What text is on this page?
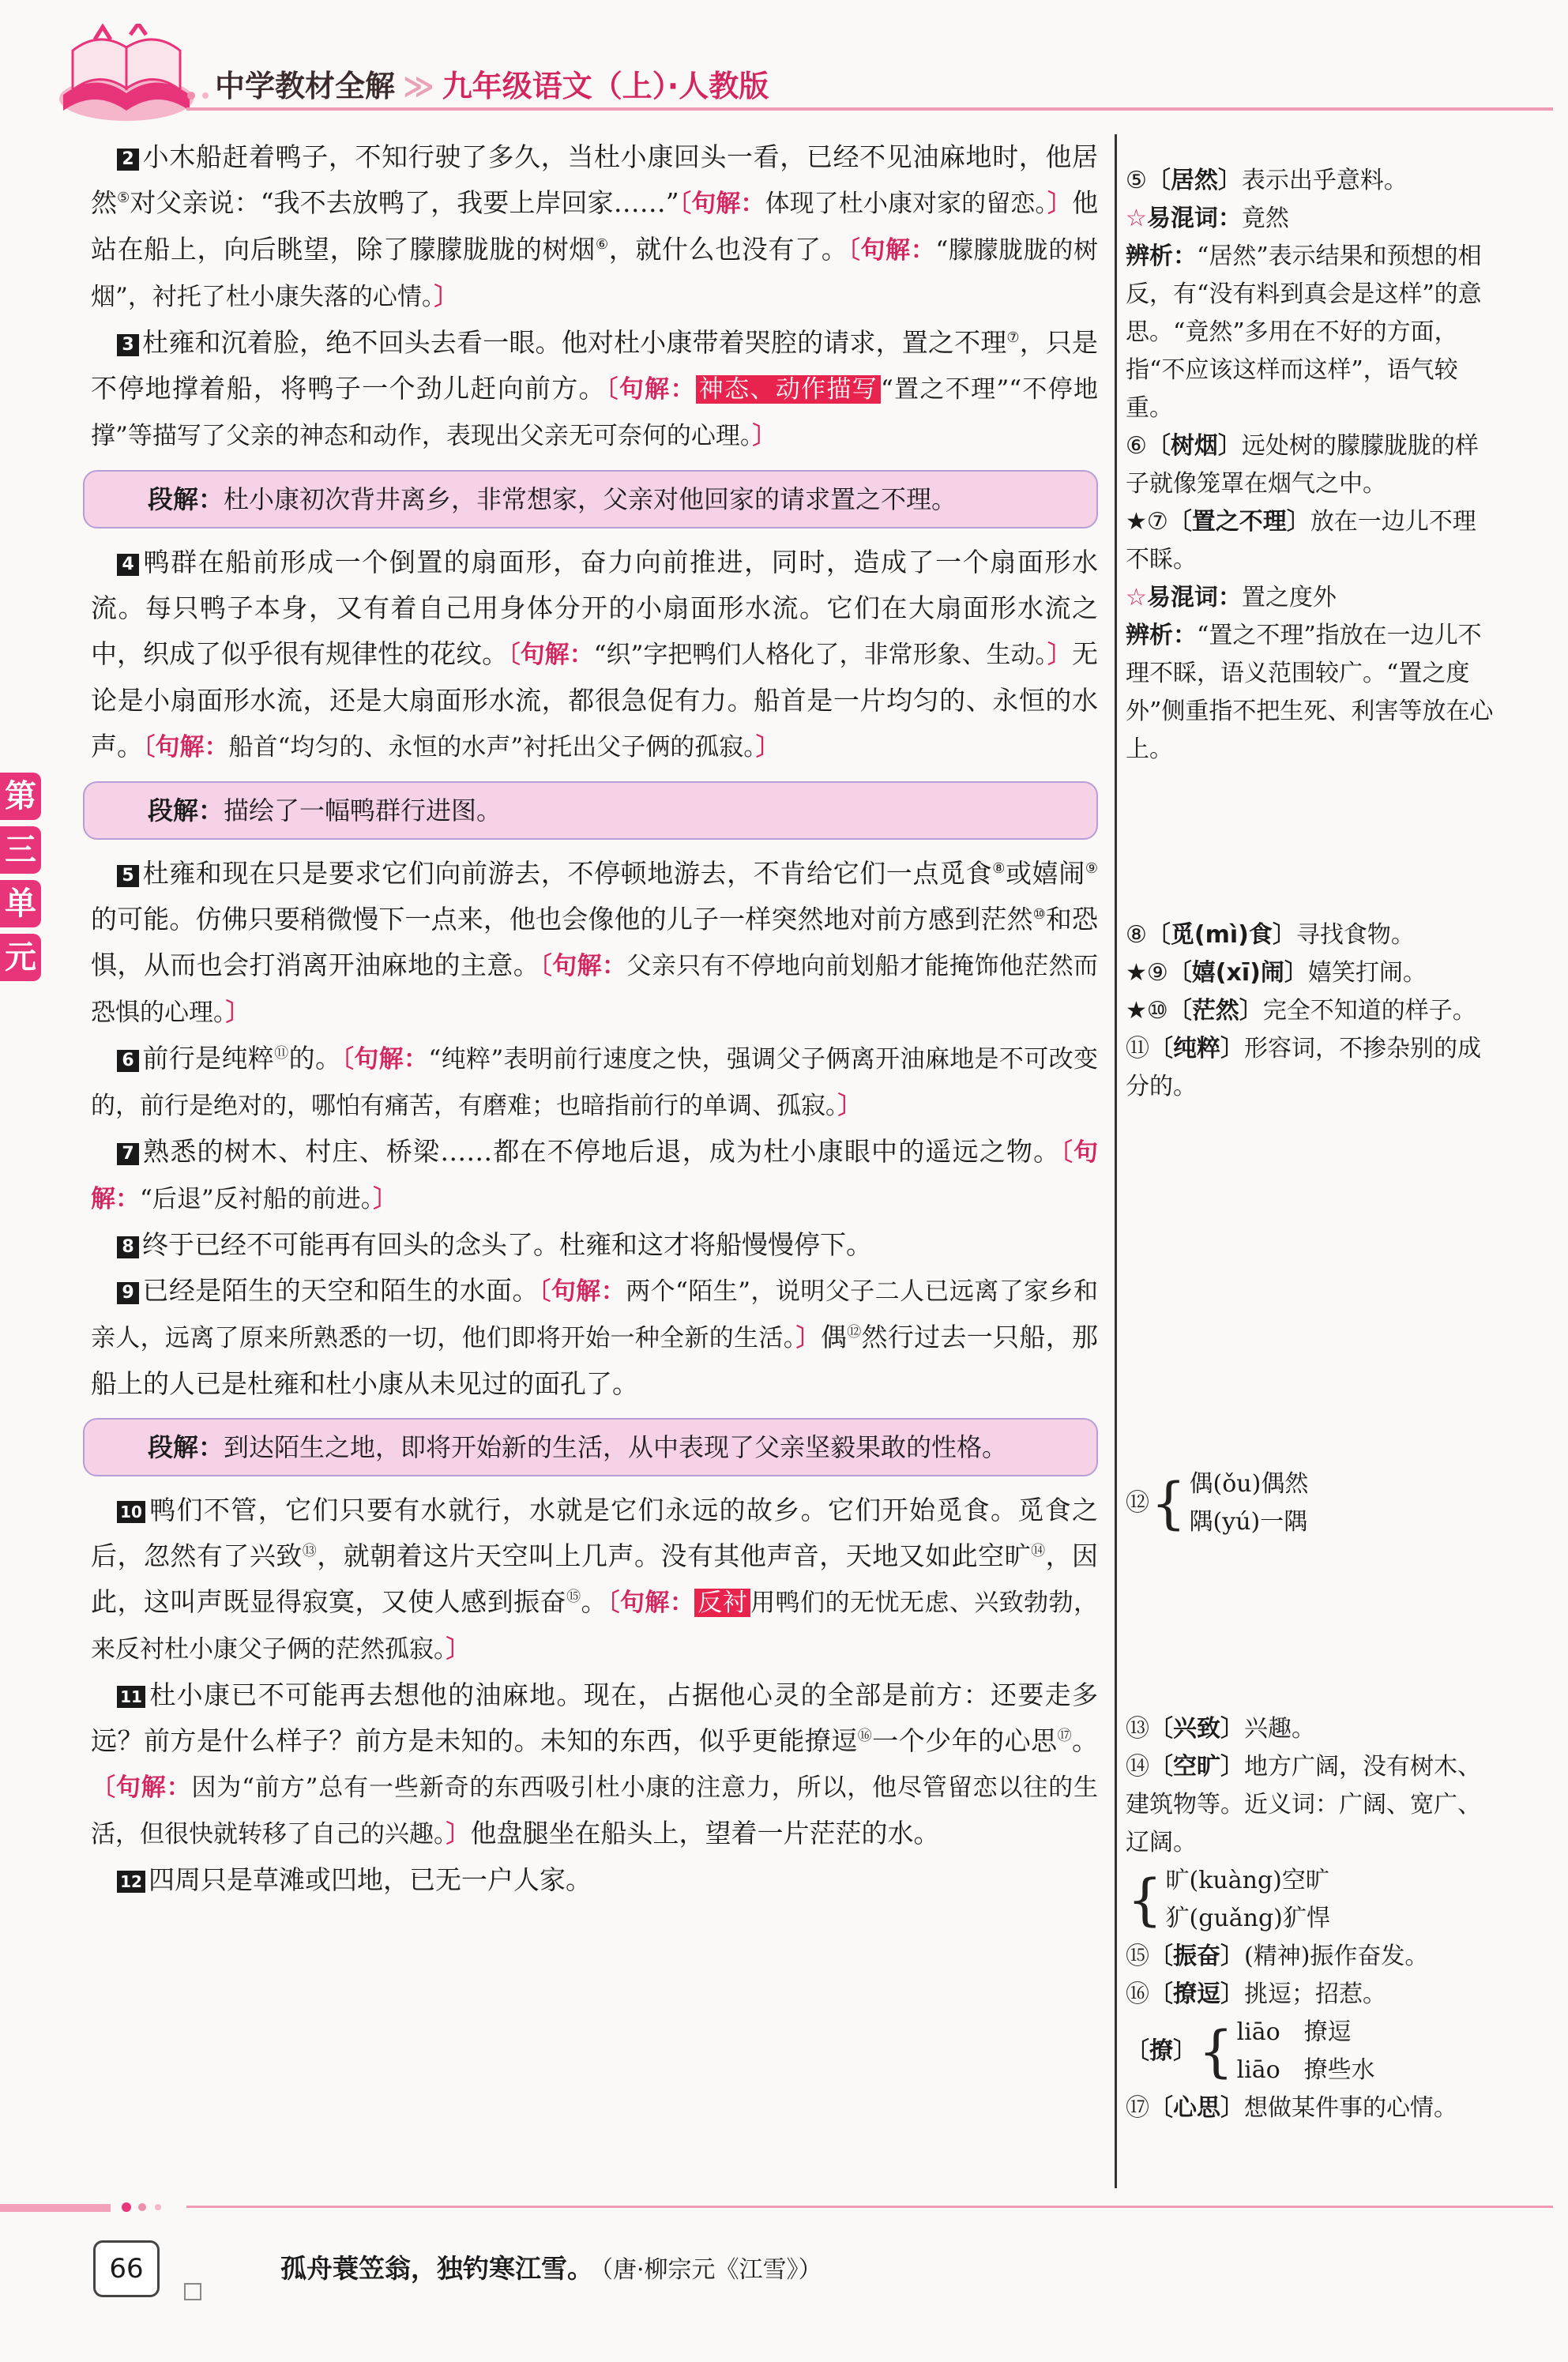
中学教材全解 ≫ 九年级语文（上）·人教版
第
三
单
元

2 小木船赶着鸭子，不知行驶了多久，当杜小康回头一看，已经不见油麻地时，他居然⑤对父亲说：“我不去放鸭了，我要上岸回家……”〔句解：体现了杜小康对家的留恋。〕他站在船上，向后眺望，除了朦朦胧胧的树烟⑥，就什么也没有了。〔句解：“朦朦胧胧的树烟”，衬托了杜小康失落的心情。〕

3 杜雍和沉着脸，绝不回头去看一眼。他对杜小康带着哭腔的请求，置之不理⑦，只是不停地撑着船，将鸭子一个劲儿赶向前方。〔句解： 神态、动作描写 “置之不理”“不停地撑”等描写了父亲的神态和动作，表现出父亲无可奈何的心理。〕

段解：杜小康初次背井离乡，非常想家，父亲对他回家的请求置之不理。

4 鸭群在船前形成一个倒置的扇面形，奋力向前推进，同时，造成了一个扇面形水流。每只鸭子本身，又有着自己用身体分开的小扇面形水流。它们在大扇面形水流之中，织成了似乎很有规律性的花纹。〔句解：“织”字把鸭们人格化了，非常形象、生动。〕无论是小扇面形水流，还是大扇面形水流，都很急促有力。船首是一片均匀的、永恒的水声。〔句解：船首“均匀的、永恒的水声”衬托出父子俩的孤寂。〕

段解：描绘了一幅鸭群行进图。

5 杜雍和现在只是要求它们向前游去，不停顿地游去，不肯给它们一点觅食⑧或嬉闹⑨的可能。仿佛只要稍微慢下一点来，他也会像他的儿子一样突然地对前方感到茫然⑩和恐惧，从而也会打消离开油麻地的主意。〔句解：父亲只有不停地向前划船才能掩饰他茫然而恐惧的心理。〕

6 前行是纯粹⑪的。〔句解：“纯粹”表明前行速度之快，强调父子俩离开油麻地是不可改变的，前行是绝对的，哪怕有痛苦，有磨难；也暗指前行的单调、孤寂。〕

7 熟悉的树木、村庄、桥梁……都在不停地后退，成为杜小康眼中的遥远之物。〔句解：“后退”反衬船的前进。〕

8 终于已经不可能再有回头的念头了。杜雍和这才将船慢慢停下。

9 已经是陌生的天空和陌生的水面。〔句解：两个“陌生”，说明父子二人已远离了家乡和亲人，远离了原来所熟悉的一切，他们即将开始一种全新的生活。〕偶⑫然行过去一只船，那船上的人已是杜雍和杜小康从未见过的面孔了。

段解：到达陌生之地，即将开始新的生活，从中表现了父亲坚毅果敢的性格。

10 鸭们不管，它们只要有水就行，水就是它们永远的故乡。它们开始觅食。觅食之后，忽然有了兴致⑬，就朝着这片天空叫上几声。没有其他声音，天地又如此空旷⑭，因此，这叫声既显得寂寞，又使人感到振奋⑮。〔句解： 反衬 用鸭们的无忧无虑、兴致勃勃，来反衬杜小康父子俩的茫然孤寂。〕

11 杜小康已不可能再去想他的油麻地。现在，占据他心灵的全部是前方：还要走多远？前方是什么样子？前方是未知的。未知的东西，似乎更能撩逗⑯一个少年的心思⑰。〔句解：因为“前方”总有一些新奇的东西吸引杜小康的注意力，所以，他尽管留恋以往的生活，但很快就转移了自己的兴趣。〕他盘腿坐在船头上，望着一片茫茫的水。

12 四周只是草滩或凹地，已无一户人家。

⑤〔居然〕表示出乎意料。

☆易混词：竟然

辨析：“居然”表示结果和预想的相反，有“没有料到真会是这样”的意思。“竟然”多用在不好的方面，指“不应该这样而这样”，语气较重。

⑥〔树烟〕远处树的朦朦胧胧的样子就像笼罩在烟气之中。

★⑦〔置之不理〕放在一边儿不理不睬。

☆易混词：置之度外

辨析：“置之不理”指放在一边儿不理不睬，语义范围较广。“置之度外”侧重指不把生死、利害等放在心上。

⑧〔觅(mì)食〕寻找食物。

★⑨〔嬉(xī)闹〕嬉笑打闹。

★⑩〔茫然〕完全不知道的样子。

⑪〔纯粹〕形容词，不掺杂别的成分的。

⑫ { 偶(ǒu)偶然

隅(yú)一隅

⑬〔兴致〕兴趣。

⑭〔空旷〕地方广阔，没有树木、建筑物等。近义词：广阔、宽广、辽阔。

{ 旷(kuàng)空旷

犷(guǎng)犷悍

⑮〔振奋〕(精神)振作奋发。

⑯〔撩逗〕挑逗；招惹。

〔撩〕 { liāo　撩逗

liāo　撩些水

⑰〔心思〕想做某件事的心情。

66	孤舟蓑笠翁，独钓寒江雪。 （唐·柳宗元《江雪》）
